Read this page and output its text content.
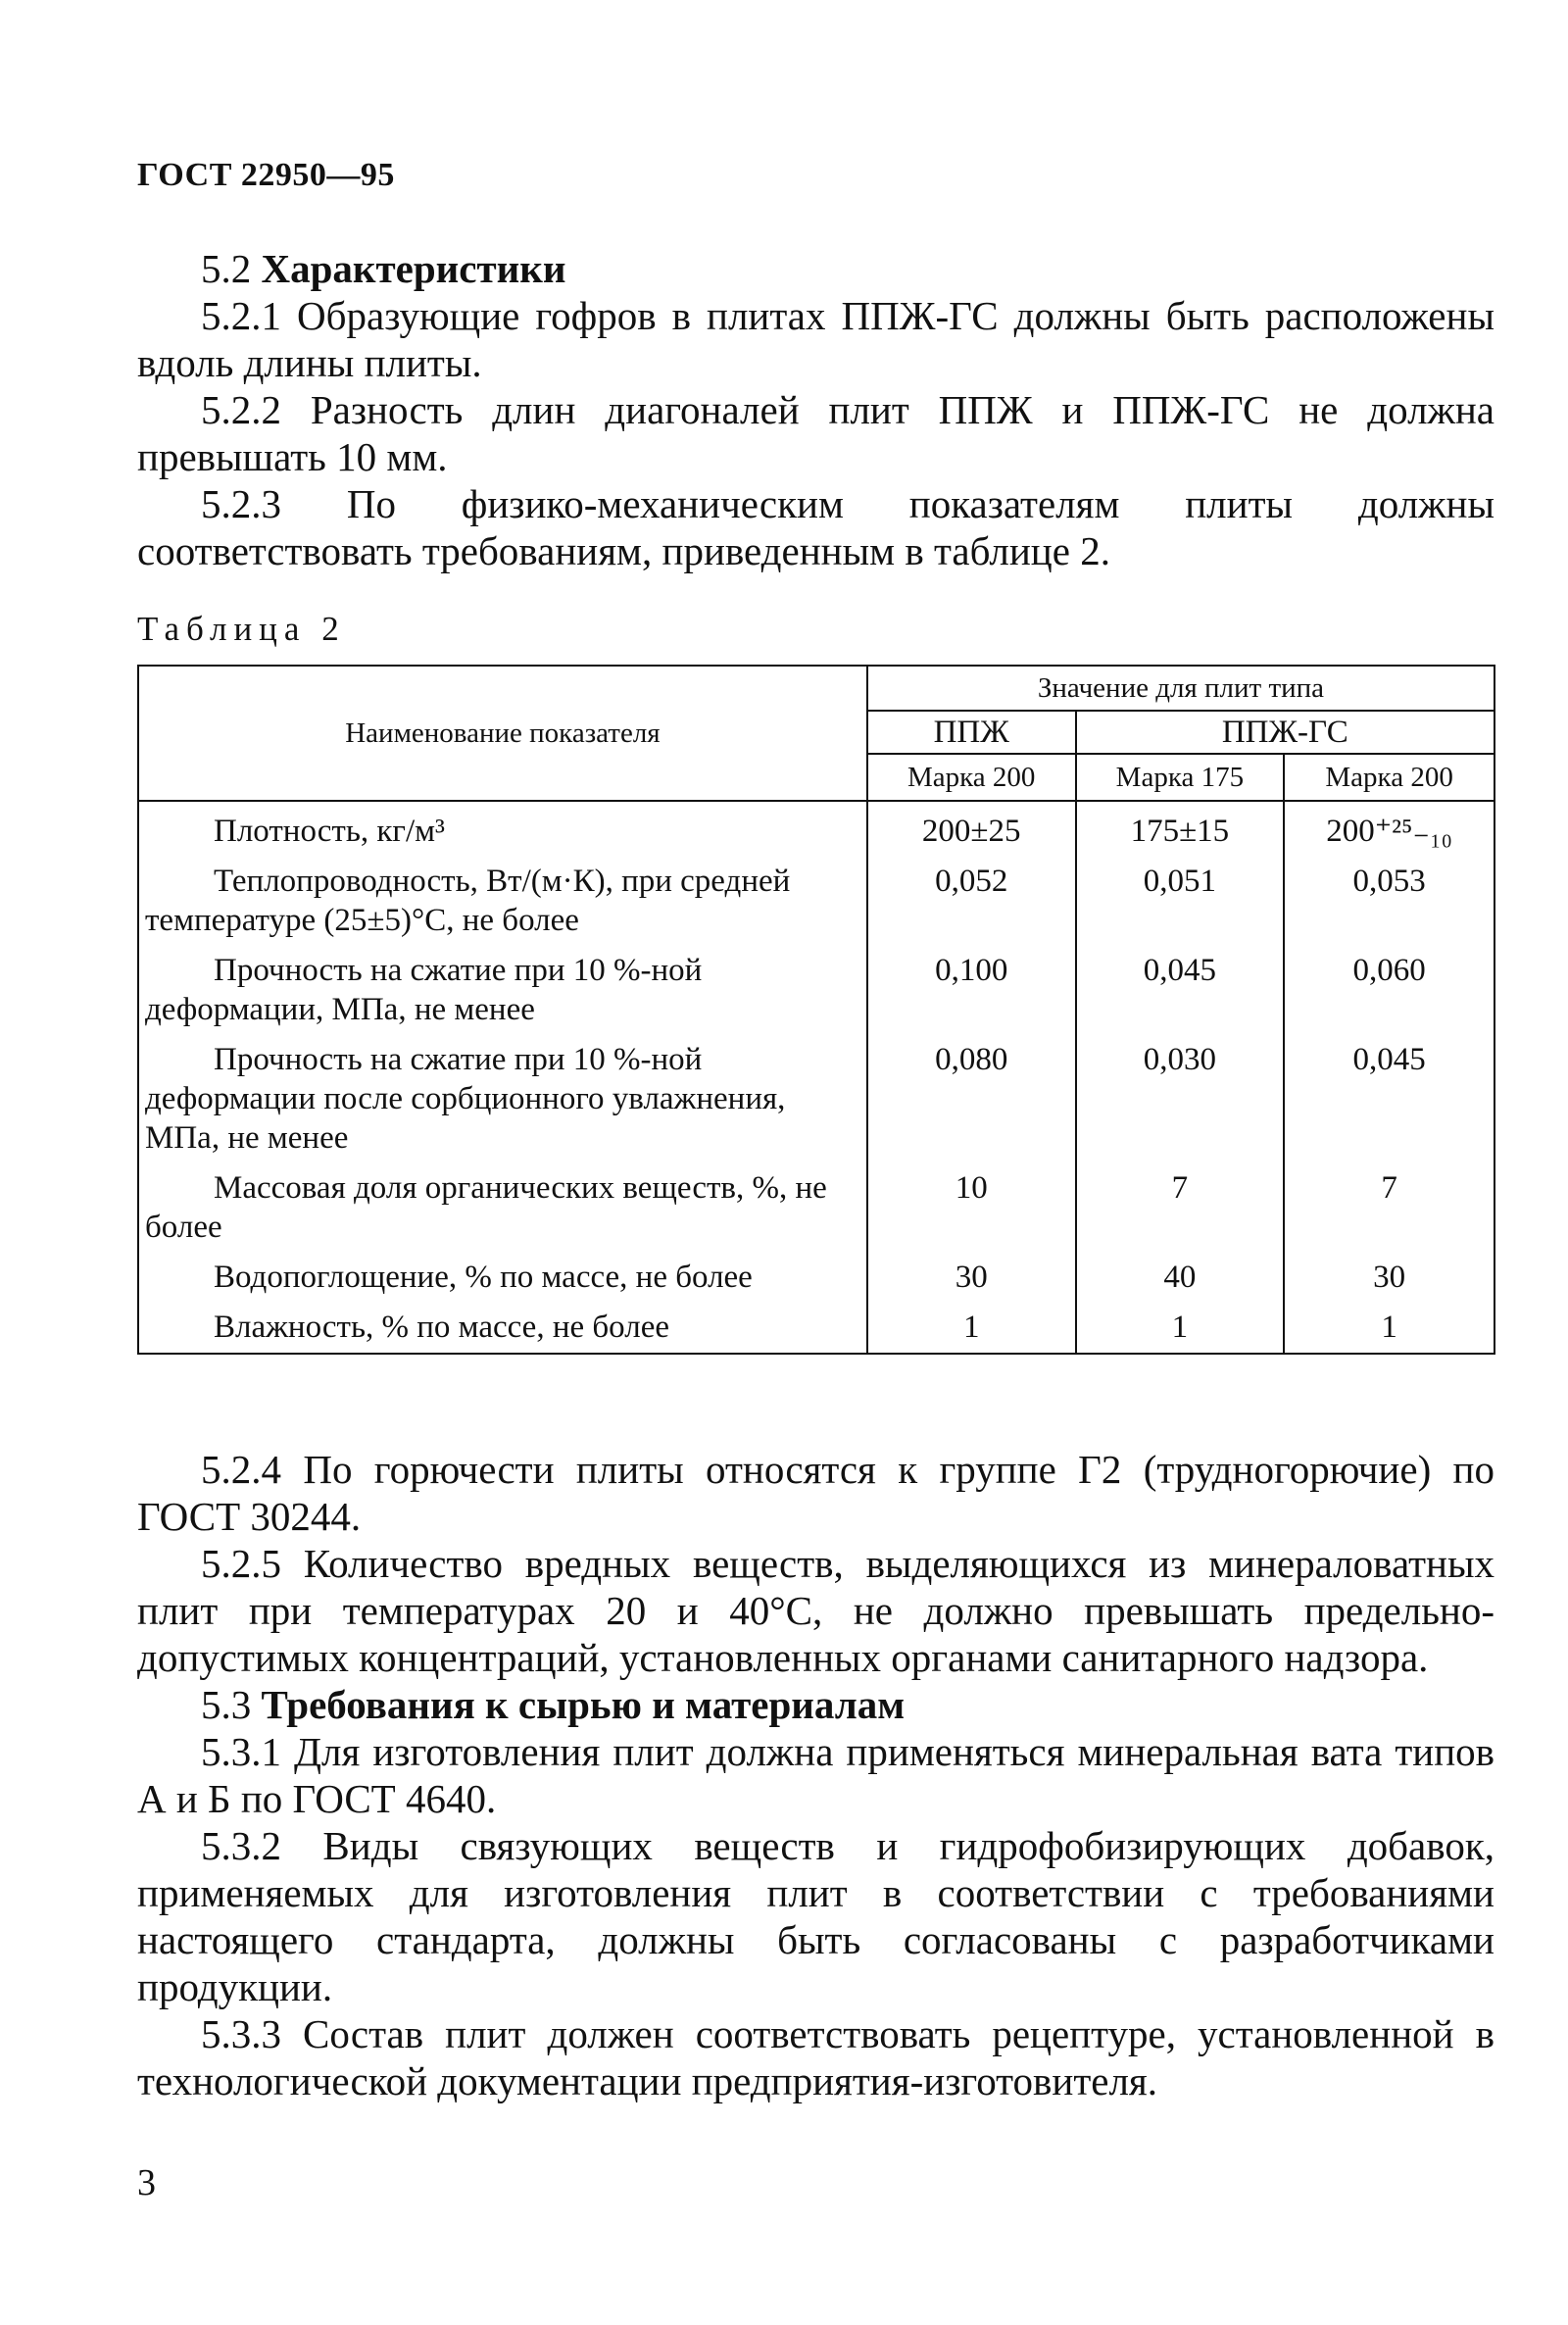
ГОСТ 22950—95

5.2 Характеристики

5.2.1 Образующие гофров в плитах ППЖ-ГС должны быть расположены вдоль длины плиты.

5.2.2 Разность длин диагоналей плит ППЖ и ППЖ-ГС не должна превышать 10 мм.

5.2.3 По физико-механическим показателям плиты должны соответствовать требованиям, приведенным в таблице 2.

Таблица 2
Наименование показателя	Значение для плит типа		
	ППЖ	ППЖ-ГС	
	Марка 200	Марка 175	Марка 200
Плотность, кг/м³	200±25	175±15	200⁺²⁵₋₁₀
Теплопроводность, Вт/(м·К), при средней температуре (25±5)°С, не более	0,052	0,051	0,053
Прочность на сжатие при 10 %-ной деформации, МПа, не менее	0,100	0,045	0,060
Прочность на сжатие при 10 %-ной деформации после сорбционного увлажнения, МПа, не менее	0,080	0,030	0,045
Массовая доля органических веществ, %, не более	10	7	7
Водопоглощение, % по массе, не более	30	40	30
Влажность, % по массе, не более	1	1	1

5.2.4 По горючести плиты относятся к группе Г2 (трудногорючие) по ГОСТ 30244.

5.2.5 Количество вредных веществ, выделяющихся из минераловатных плит при температурах 20 и 40°С, не должно превышать предельно-допустимых концентраций, установленных органами санитарного надзора.

5.3 Требования к сырью и материалам

5.3.1 Для изготовления плит должна применяться минеральная вата типов А и Б по ГОСТ 4640.

5.3.2 Виды связующих веществ и гидрофобизирующих добавок, применяемых для изготовления плит в соответствии с требованиями настоящего стандарта, должны быть согласованы с разработчиками продукции.

5.3.3 Состав плит должен соответствовать рецептуре, установленной в технологической документации предприятия-изготовителя.

3
